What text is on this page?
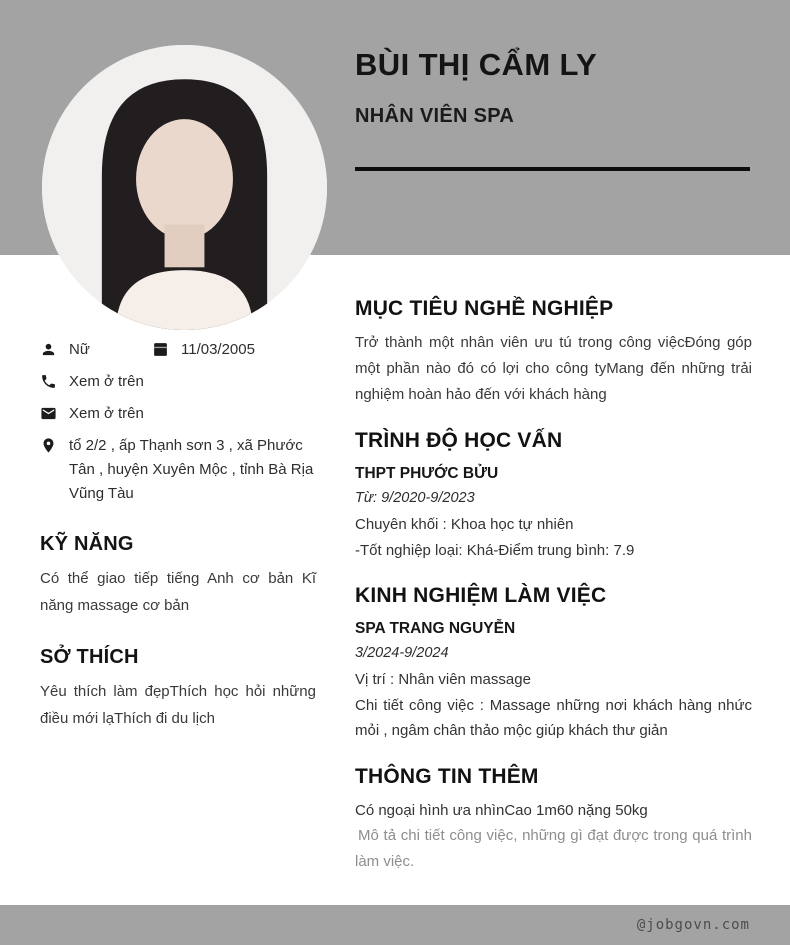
BÙI THỊ CẨM LY
NHÂN VIÊN SPA
Nữ	11/03/2005
Xem ở trên
Xem ở trên
tổ 2/2 , ấp Thạnh sơn 3 , xã Phước Tân , huyện Xuyên Mộc , tỉnh Bà Rịa Vũng Tàu
KỸ NĂNG
Có thể giao tiếp tiếng Anh cơ bản Kĩ năng massage cơ bản
SỞ THÍCH
Yêu thích làm đẹpThích học hỏi những điều mới lạThích đi du lịch
MỤC TIÊU NGHỀ NGHIỆP
Trở thành một nhân viên ưu tú trong công việcĐóng góp một phần nào đó có lợi cho công tyMang đến những trải nghiệm hoàn hảo đến với khách hàng
TRÌNH ĐỘ HỌC VẤN
THPT PHƯỚC BỬU
Từ: 9/2020-9/2023
Chuyên khối : Khoa học tự nhiên
-Tốt nghiệp loại: Khá-Điểm trung bình: 7.9
KINH NGHIỆM LÀM VIỆC
SPA TRANG NGUYỄN
3/2024-9/2024
Vị trí : Nhân viên massage
Chi tiết công việc : Massage những nơi khách hàng nhức mỏi , ngâm chân thảo mộc giúp khách thư giản
THÔNG TIN THÊM
Có ngoại hình ưa nhìnCao 1m60 nặng 50kg
Mô tả chi tiết công việc, những gì đạt được trong quá trình làm việc.
@jobgovn.com
